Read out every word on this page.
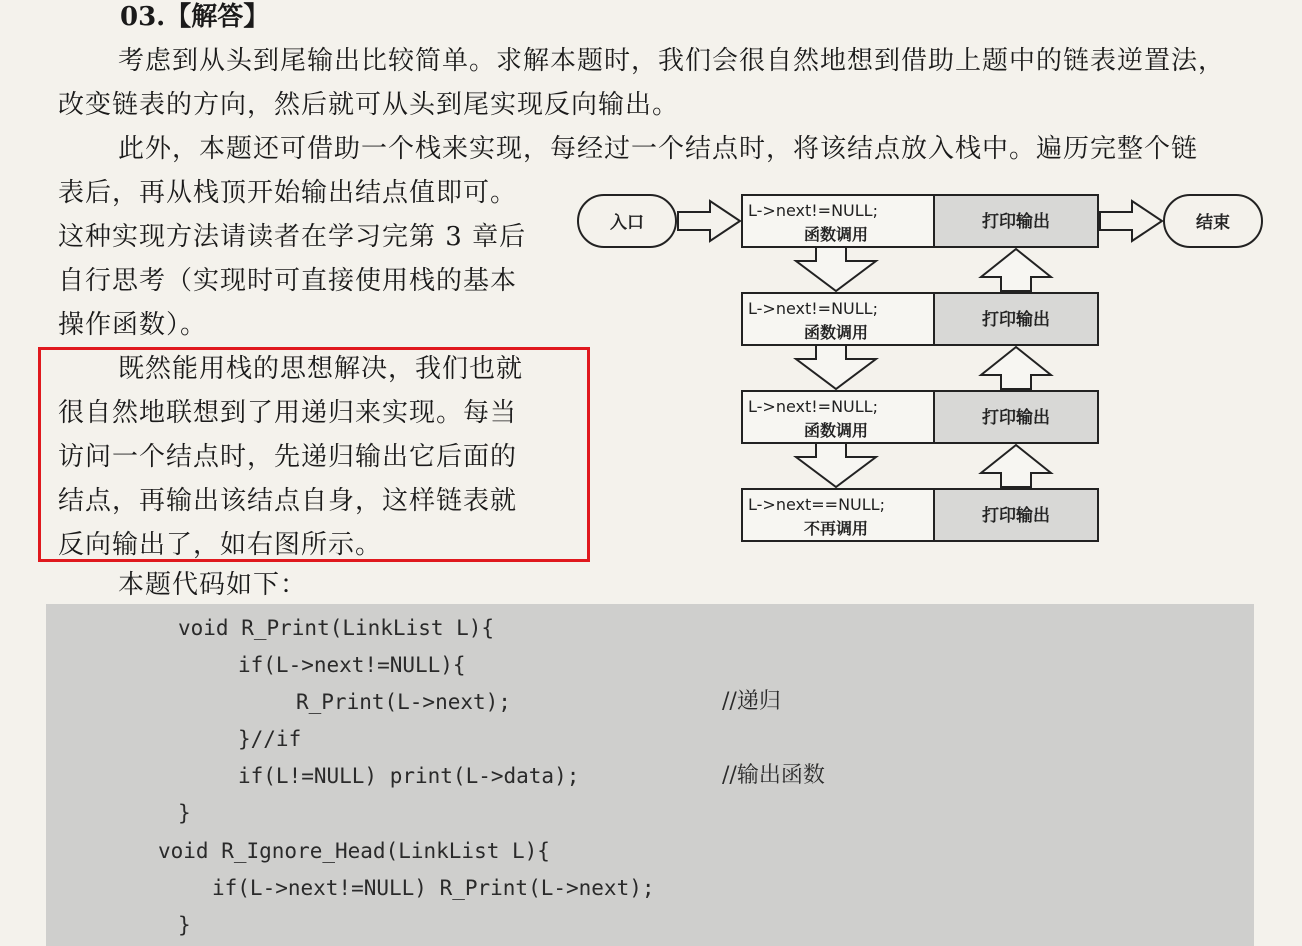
03.【解答】
考虑到从头到尾输出比较简单。求解本题时，我们会很自然地想到借助上题中的链表逆置法，
改变链表的方向，然后就可从头到尾实现反向输出。
此外，本题还可借助一个栈来实现，每经过一个结点时，将该结点放入栈中。遍历完整个链
表后，再从栈顶开始输出结点值即可。
这种实现方法请读者在学习完第 3 章后
自行思考（实现时可直接使用栈的基本
操作函数）。
既然能用栈的思想解决，我们也就
很自然地联想到了用递归来实现。每当
访问一个结点时，先递归输出它后面的
结点，再输出该结点自身，这样链表就
反向输出了，如右图所示。
本题代码如下：
入口	结束
L->next!=NULL;
函数调用
打印输出
L->next!=NULL;
函数调用
打印输出
L->next!=NULL;
函数调用
打印输出
L->next==NULL;
不再调用
打印输出
void R_Print(LinkList L){
if(L->next!=NULL){
R_Print(L->next);	//递归
}//if
if(L!=NULL) print(L->data);	//输出函数
}
void R_Ignore_Head(LinkList L){
if(L->next!=NULL) R_Print(L->next);
}
